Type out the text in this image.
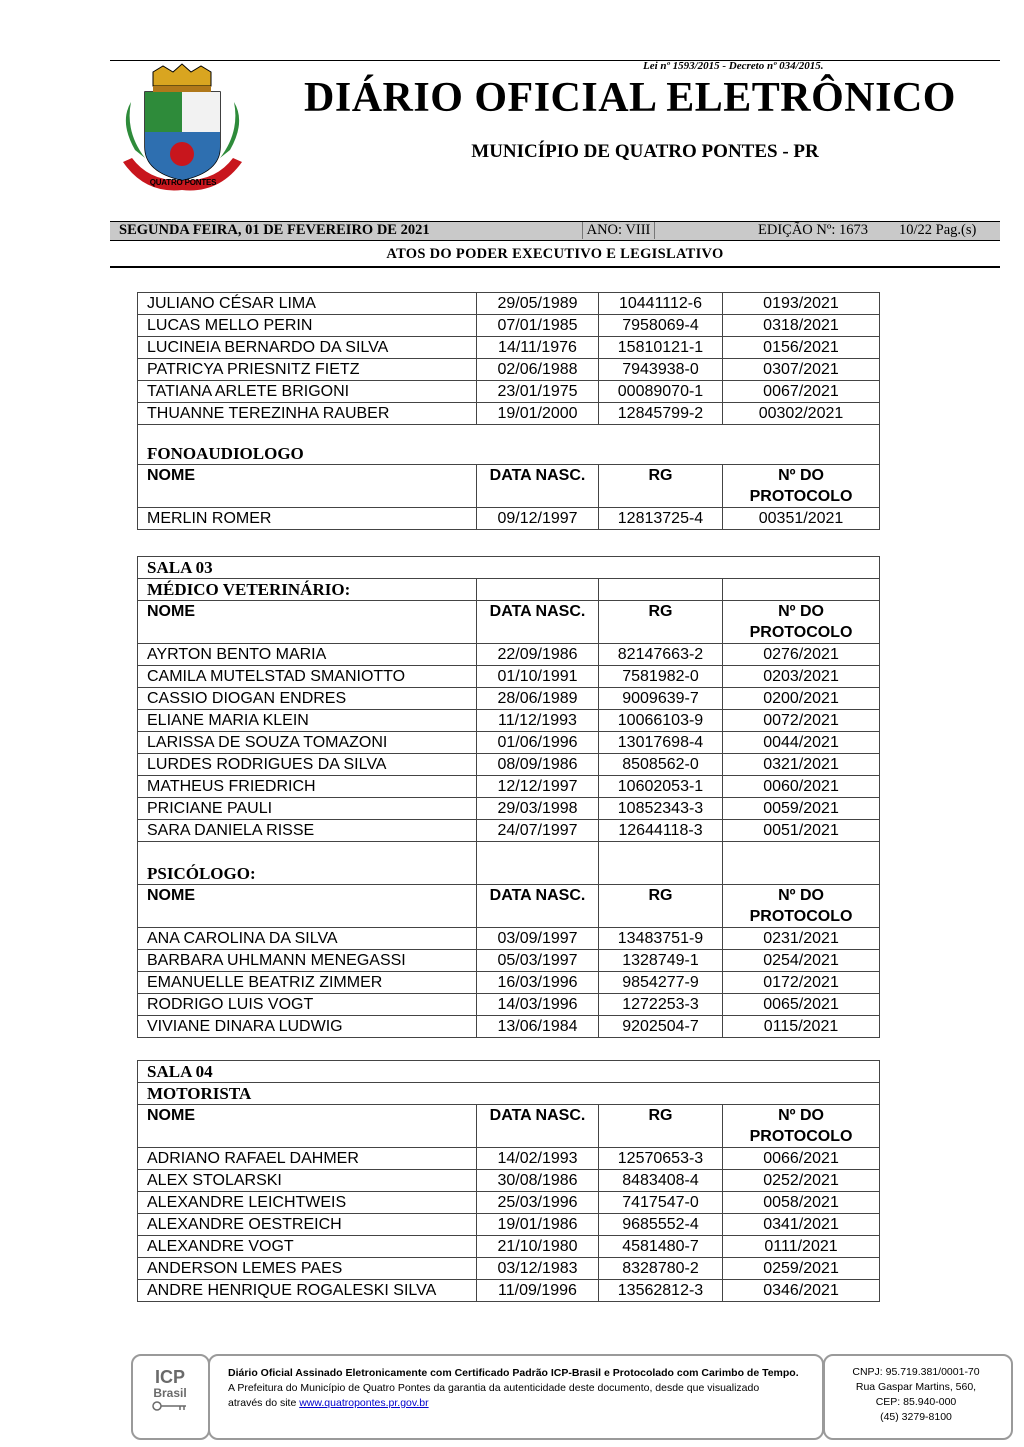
Lei nº 1593/2015 - Decreto nº 034/2015.
QUATRO PONTES
DIÁRIO OFICIAL ELETRÔNICO
MUNICÍPIO DE QUATRO PONTES - PR
SEGUNDA FEIRA, 01 DE FEVEREIRO DE 2021	ANO: VIII	EDIÇÃO Nº: 1673 10/22 Pag.(s)
ATOS DO PODER EXECUTIVO E LEGISLATIVO
JULIANO CÉSAR LIMA	29/05/1989	10441112-6	0193/2021
LUCAS MELLO PERIN	07/01/1985	7958069-4	0318/2021
LUCINEIA BERNARDO DA SILVA	14/11/1976	15810121-1	0156/2021
PATRICYA PRIESNITZ FIETZ	02/06/1988	7943938-0	0307/2021
TATIANA ARLETE BRIGONI	23/01/1975	00089070-1	0067/2021
THUANNE TEREZINHA RAUBER	19/01/2000	12845799-2	00302/2021

FONOAUDIOLOGO			
NOME	DATA NASC.	RG	Nº DO
PROTOCOLO
MERLIN ROMER	09/12/1997	12813725-4	00351/2021
SALA 03			
MÉDICO VETERINÁRIO:			
NOME	DATA NASC.	RG	Nº DO
PROTOCOLO
AYRTON BENTO MARIA	22/09/1986	82147663-2	0276/2021
CAMILA MUTELSTAD SMANIOTTO	01/10/1991	7581982-0	0203/2021
CASSIO DIOGAN ENDRES	28/06/1989	9009639-7	0200/2021
ELIANE MARIA KLEIN	11/12/1993	10066103-9	0072/2021
LARISSA DE SOUZA TOMAZONI	01/06/1996	13017698-4	0044/2021
LURDES RODRIGUES DA SILVA	08/09/1986	8508562-0	0321/2021
MATHEUS FRIEDRICH	12/12/1997	10602053-1	0060/2021
PRICIANE PAULI	29/03/1998	10852343-3	0059/2021
SARA DANIELA RISSE	24/07/1997	12644118-3	0051/2021
PSICÓLOGO:			
NOME	DATA NASC.	RG	Nº DO
PROTOCOLO
ANA CAROLINA DA SILVA	03/09/1997	13483751-9	0231/2021
BARBARA UHLMANN MENEGASSI	05/03/1997	1328749-1	0254/2021
EMANUELLE BEATRIZ ZIMMER	16/03/1996	9854277-9	0172/2021
RODRIGO LUIS VOGT	14/03/1996	1272253-3	0065/2021
VIVIANE DINARA LUDWIG	13/06/1984	9202504-7	0115/2021
SALA 04			
MOTORISTA			
NOME	DATA NASC.	RG	Nº DO
PROTOCOLO
ADRIANO RAFAEL DAHMER	14/02/1993	12570653-3	0066/2021
ALEX STOLARSKI	30/08/1986	8483408-4	0252/2021
ALEXANDRE LEICHTWEIS	25/03/1996	7417547-0	0058/2021
ALEXANDRE OESTREICH	19/01/1986	9685552-4	0341/2021
ALEXANDRE VOGT	21/10/1980	4581480-7	0111/2021
ANDERSON LEMES PAES	03/12/1983	8328780-2	0259/2021
ANDRE HENRIQUE ROGALESKI SILVA	11/09/1996	13562812-3	0346/2021
ICP
Brasil
Diário Oficial Assinado Eletronicamente com Certificado Padrão ICP-Brasil e Protocolado com Carimbo de Tempo.
A Prefeitura do Município de Quatro Pontes da garantia da autenticidade deste documento, desde que visualizado
através do site www.quatropontes.pr.gov.br
CNPJ: 95.719.381/0001-70
Rua Gaspar Martins, 560,
CEP: 85.940-000
(45) 3279-8100
